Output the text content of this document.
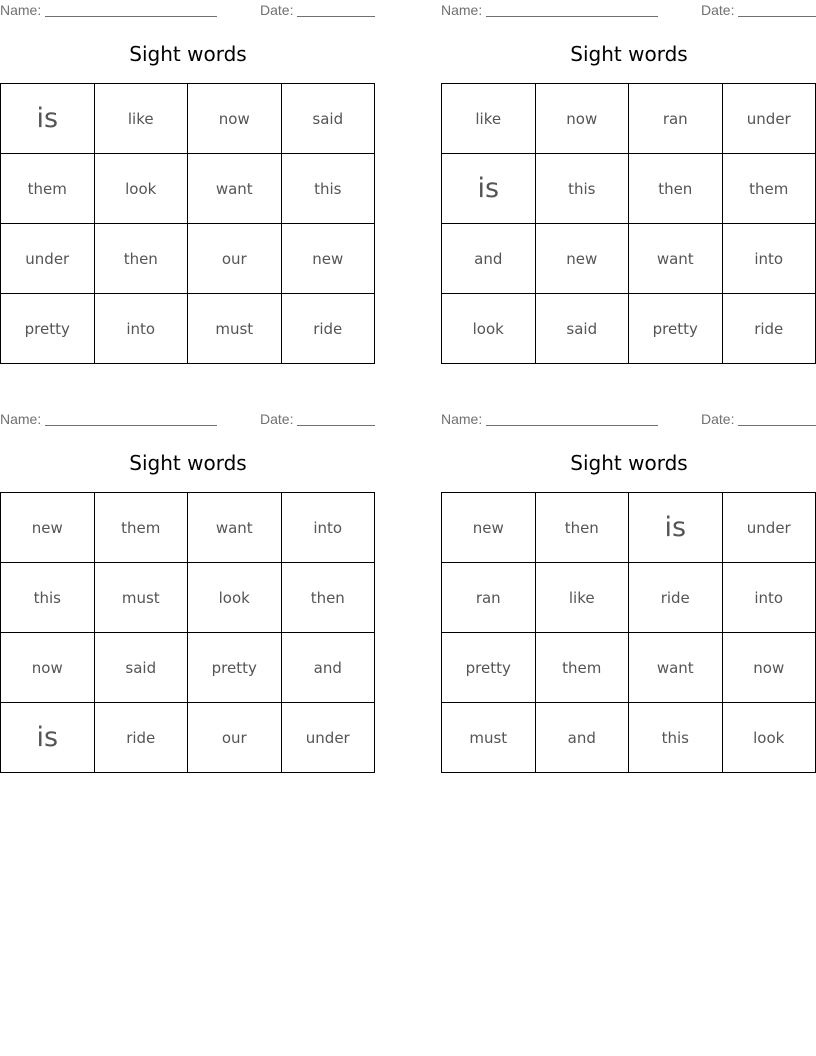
Name:	Date:
Sight words
is	like	now	said
them	look	want	this
under	then	our	new
pretty	into	must	ride
Name:	Date:
Sight words
like	now	ran	under
is	this	then	them
and	new	want	into
look	said	pretty	ride
Name:	Date:
Sight words
new	them	want	into
this	must	look	then
now	said	pretty	and
is	ride	our	under
Name:	Date:
Sight words
new	then	is	under
ran	like	ride	into
pretty	them	want	now
must	and	this	look
